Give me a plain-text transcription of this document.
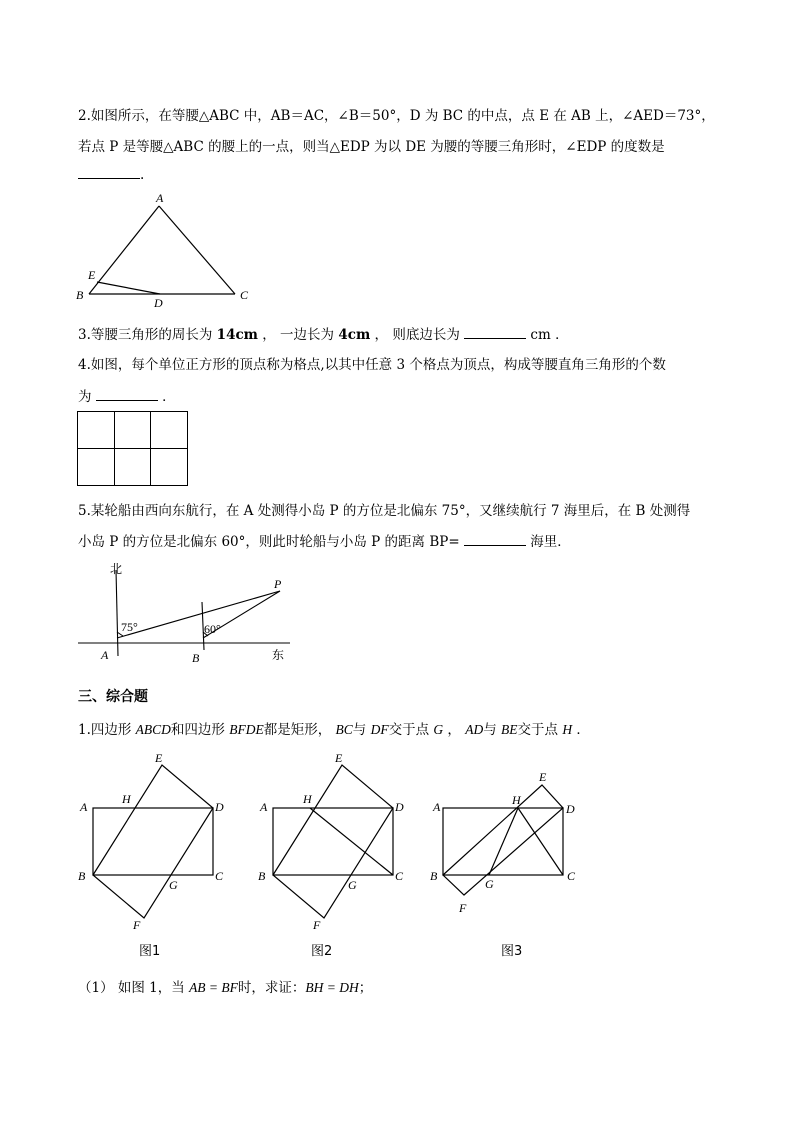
2.如图所示，在等腰△ABC 中，AB＝AC，∠B＝50°，D 为 BC 的中点，点 E 在 AB 上，∠AED＝73°，
若点 P 是等腰△ABC 的腰上的一点，则当△EDP 为以 DE 为腰的等腰三角形时，∠EDP 的度数是
.
A
E
B
D
C
3.等腰三角形的周长为 14cm ， 一边长为 4cm ， 则底边长为	cm ．
4.如图，每个单位正方形的顶点称为格点,以其中任意 3 个格点为顶点，构成等腰直角三角形的个数
为	．

5.某轮船由西向东航行，在 A 处测得小岛 P 的方位是北偏东 75°，又继续航行 7 海里后，在 B 处测得
小岛 P 的方位是北偏东 60°，则此时轮船与小岛 P 的距离 BP=	海里．
北
东
A	B
P
75°	60°
三、综合题
1.四边形 ABCD和四边形 BFDE都是矩形， BC与 DF交于点 G ， AD与 BE交于点 H ．
E
A
H
D
B
G
C
F
图1
E
A
H
D
B
G
C
F
图2
E
A	H
D
B
G
C
F
图3
（1） 如图 1，当 AB = BF时，求证：BH = DH；
